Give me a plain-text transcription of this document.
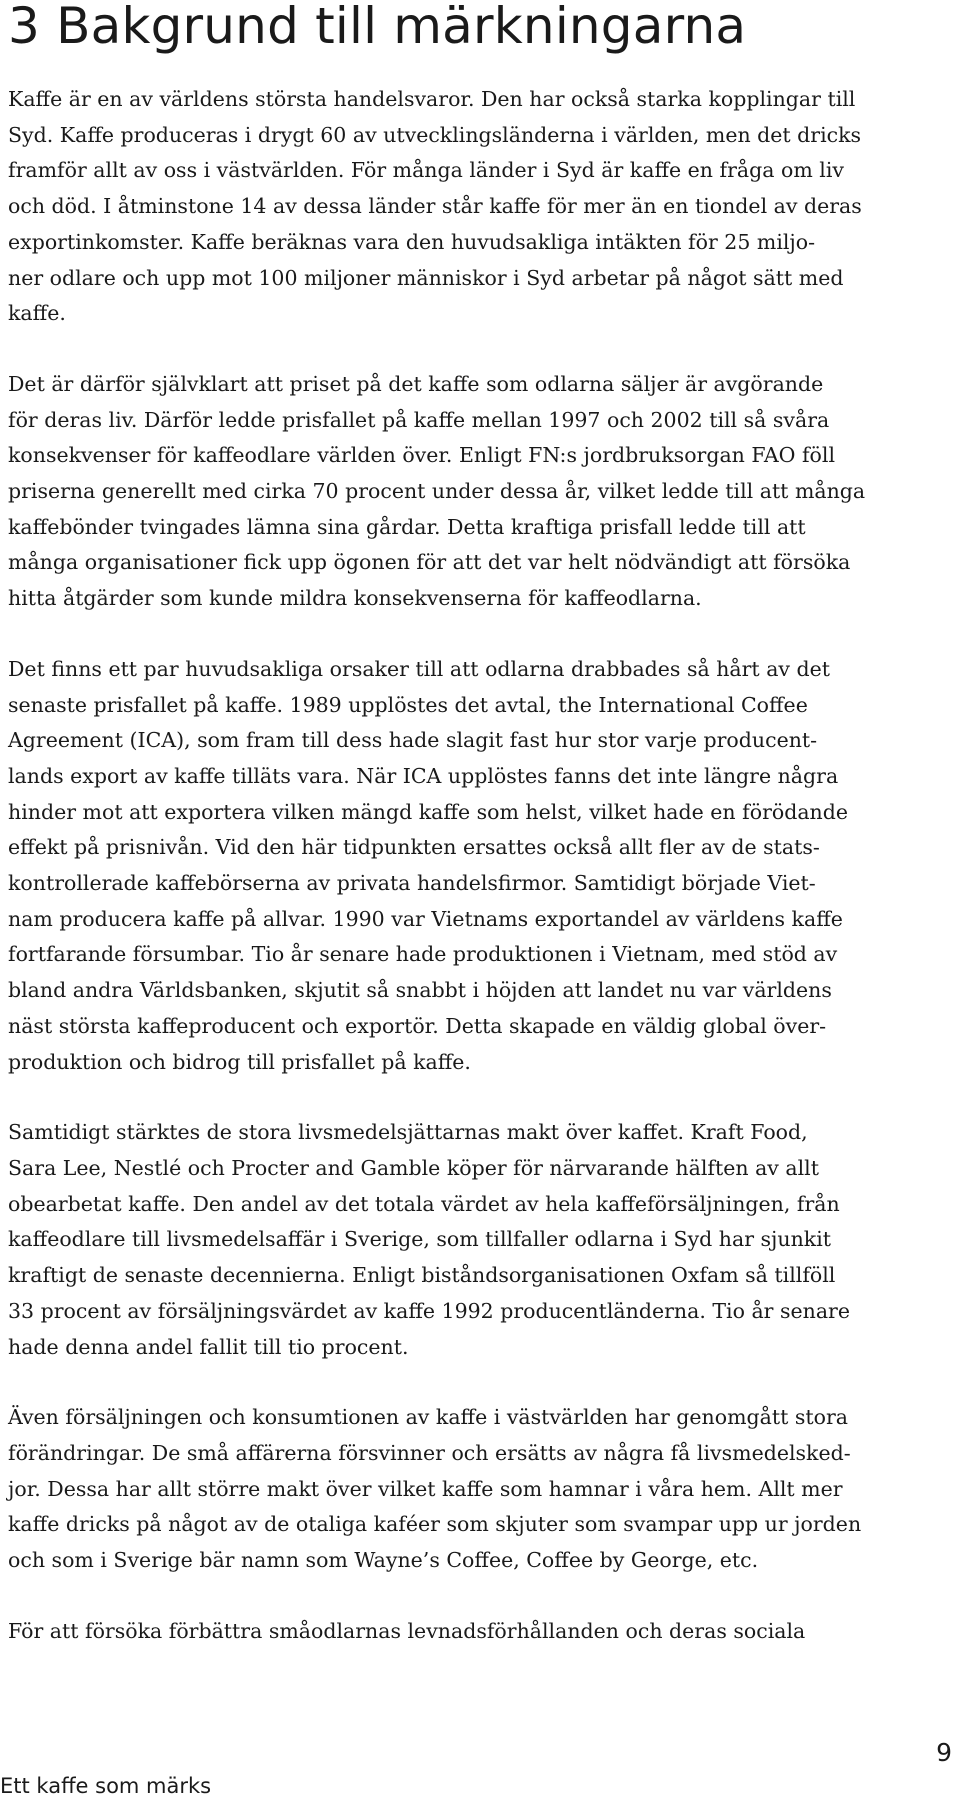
3 Bakgrund till märkningarna

Kaffe är en av världens största handelsvaror. Den har också starka kopplingar till
Syd. Kaffe produceras i drygt 60 av utvecklingsländerna i världen, men det dricks
framför allt av oss i västvärlden. För många länder i Syd är kaffe en fråga om liv
och död. I åtminstone 14 av dessa länder står kaffe för mer än en tiondel av deras
exportinkomster. Kaffe beräknas vara den huvudsakliga intäkten för 25 miljo-
ner odlare och upp mot 100 miljoner människor i Syd arbetar på något sätt med
kaffe.

Det är därför självklart att priset på det kaffe som odlarna säljer är avgörande
för deras liv. Därför ledde prisfallet på kaffe mellan 1997 och 2002 till så svåra
konsekvenser för kaffeodlare världen över. Enligt FN:s jordbruksorgan FAO föll
priserna generellt med cirka 70 procent under dessa år, vilket ledde till att många
kaffebönder tvingades lämna sina gårdar. Detta kraftiga prisfall ledde till att
många organisationer fick upp ögonen för att det var helt nödvändigt att försöka
hitta åtgärder som kunde mildra konsekvenserna för kaffeodlarna.

Det finns ett par huvudsakliga orsaker till att odlarna drabbades så hårt av det
senaste prisfallet på kaffe. 1989 upplöstes det avtal, the International Coffee
Agreement (ICA), som fram till dess hade slagit fast hur stor varje producent-
lands export av kaffe tilläts vara. När ICA upplöstes fanns det inte längre några
hinder mot att exportera vilken mängd kaffe som helst, vilket hade en förödande
effekt på prisnivån. Vid den här tidpunkten ersattes också allt fler av de stats-
kontrollerade kaffebörserna av privata handelsfirmor. Samtidigt började Viet-
nam producera kaffe på allvar. 1990 var Vietnams exportandel av världens kaffe
fortfarande försumbar. Tio år senare hade produktionen i Vietnam, med stöd av
bland andra Världsbanken, skjutit så snabbt i höjden att landet nu var världens
näst största kaffeproducent och exportör. Detta skapade en väldig global över-
produktion och bidrog till prisfallet på kaffe.

Samtidigt stärktes de stora livsmedelsjättarnas makt över kaffet. Kraft Food,
Sara Lee, Nestlé och Procter and Gamble köper för närvarande hälften av allt
obearbetat kaffe. Den andel av det totala värdet av hela kaffeförsäljningen, från
kaffeodlare till livsmedelsaffär i Sverige, som tillfaller odlarna i Syd har sjunkit
kraftigt de senaste decennierna. Enligt biståndsorganisationen Oxfam så tillföll
33 procent av försäljningsvärdet av kaffe 1992 producentländerna. Tio år senare
hade denna andel fallit till tio procent.

Även försäljningen och konsumtionen av kaffe i västvärlden har genomgått stora
förändringar. De små affärerna försvinner och ersätts av några få livsmedelsked-
jor. Dessa har allt större makt över vilket kaffe som hamnar i våra hem. Allt mer
kaffe dricks på något av de otaliga kaféer som skjuter som svampar upp ur jorden
och som i Sverige bär namn som Wayne’s Coffee, Coffee by George, etc.

För att försöka förbättra småodlarnas levnadsförhållanden och deras sociala

Ett kaffe som märks
9
